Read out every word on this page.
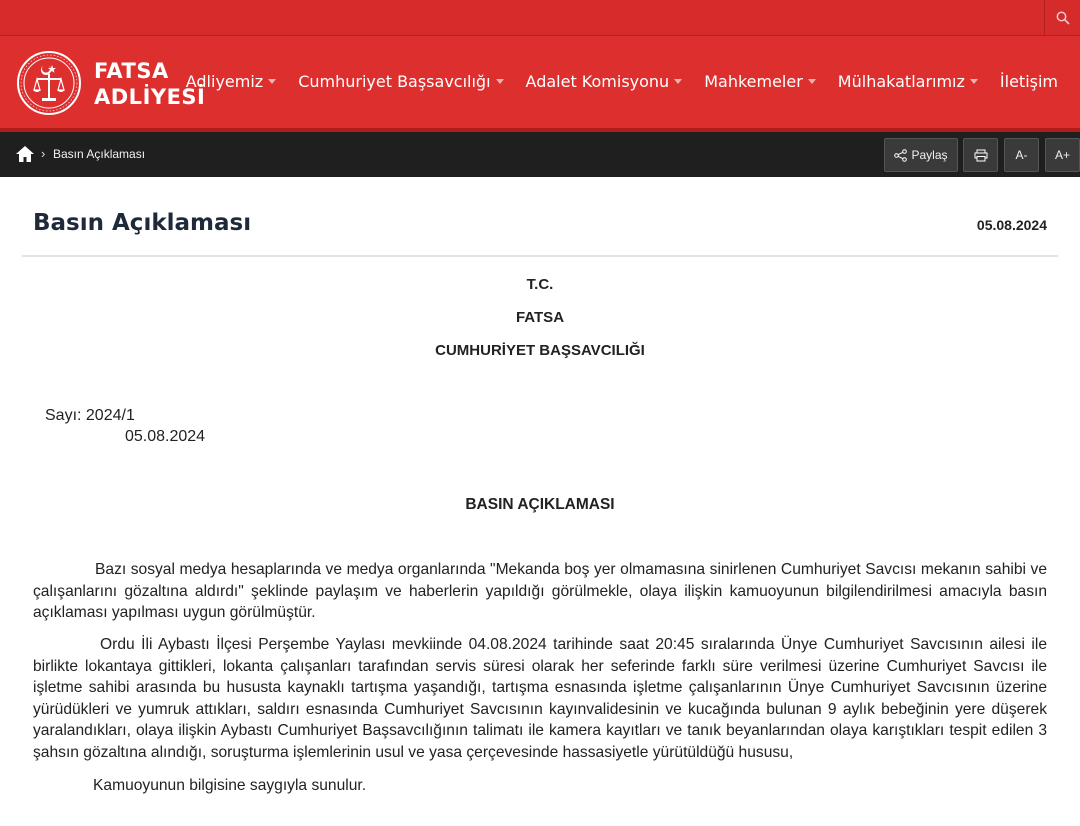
FATSA
ADLİYESİ
Adliyemiz Cumhuriyet Başsavcılığı Adalet Komisyonu Mahkemeler Mülhakatlarımız İletişim
› Basın Açıklaması	Paylaş	A-	A+
Basın Açıklaması	05.08.2024
T.C.
FATSA
CUMHURİYET BAŞSAVCILIĞI
Sayı: 2024/1
05.08.2024
BASIN AÇIKLAMASI

Bazı sosyal medya hesaplarında ve medya organlarında "Mekanda boş yer olmamasına sinirlenen Cumhuriyet Savcısı mekanın sahibi ve çalışanlarını gözaltına aldırdı" şeklinde paylaşım ve haberlerin yapıldığı görülmekle, olaya ilişkin kamuoyunun bilgilendirilmesi amacıyla basın açıklaması yapılması uygun görülmüştür.

Ordu İli Aybastı İlçesi Perşembe Yaylası mevkiinde 04.08.2024 tarihinde saat 20:45 sıralarında Ünye Cumhuriyet Savcısının ailesi ile birlikte lokantaya gittikleri, lokanta çalışanları tarafından servis süresi olarak her seferinde farklı süre verilmesi üzerine Cumhuriyet Savcısı ile işletme sahibi arasında bu hususta kaynaklı tartışma yaşandığı, tartışma esnasında işletme çalışanlarının Ünye Cumhuriyet Savcısının üzerine yürüdükleri ve yumruk attıkları, saldırı esnasında Cumhuriyet Savcısının kayınvalidesinin ve kucağında bulunan 9 aylık bebeğinin yere düşerek yaralandıkları, olaya ilişkin Aybastı Cumhuriyet Başsavcılığının talimatı ile kamera kayıtları ve tanık beyanlarından olaya karıştıkları tespit edilen 3 şahsın gözaltına alındığı, soruşturma işlemlerinin usul ve yasa çerçevesinde hassasiyetle yürütüldüğü hususu,

Kamuoyunun bilgisine saygıyla sunulur.
